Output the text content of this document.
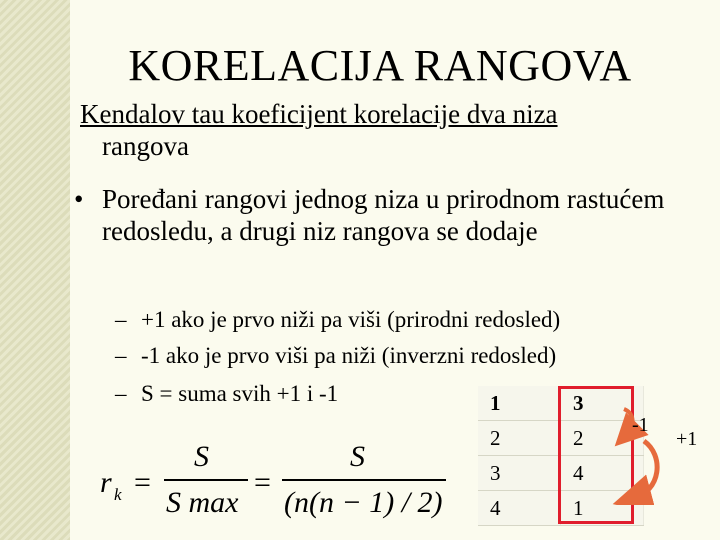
KORELACIJA RANGOVA
Kendalov tau koeficijent korelacije dva niza
rangova
• Poređani rangovi jednog niza u prirodnom rastućem redosledu, a drugi niz rangova se dodaje
– +1 ako je prvo niži pa viši (prirodni redosled)
– -1 ako je prvo viši pa niži (inverzni redosled)
– S = suma svih +1 i -1
r k =
S
S max
=
S
(n(n − 1) / 2)
1	3
2	2
3	4
4	1
-1
+1
